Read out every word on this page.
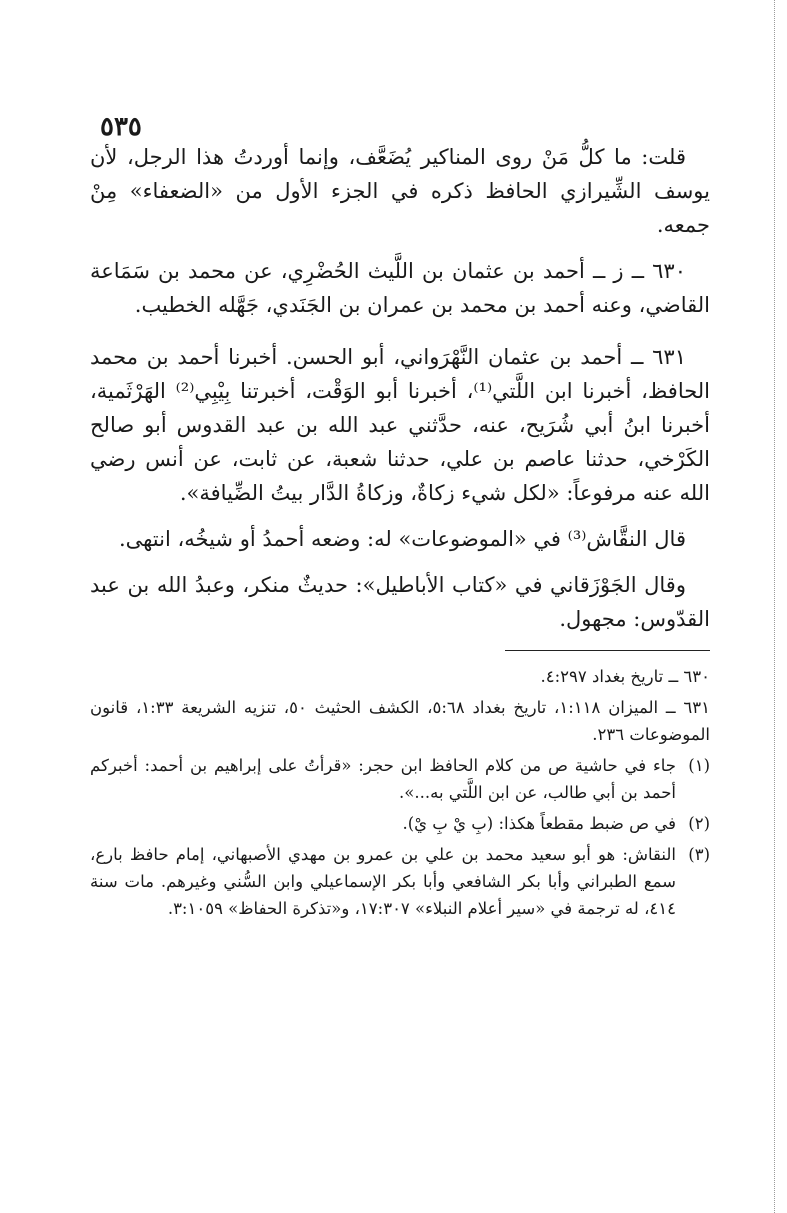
٥٣٥

قلت: ما كلُّ مَنْ روى المناكير يُضَعَّف، وإنما أوردتُ هذا الرجل، لأن يوسف الشِّيرازي الحافظ ذكره في الجزء الأول من «الضعفاء» مِنْ جمعه.

٦٣٠ ــ ز ــ أحمد بن عثمان بن اللَّيث الحُضْرِي، عن محمد بن سَمَاعة القاضي، وعنه أحمد بن محمد بن عمران بن الجَنَدي، جَهَّله الخطيب.

٦٣١ ــ أحمد بن عثمان النَّهْرَواني، أبو الحسن. أخبرنا أحمد بن محمد الحافظ، أخبرنا ابن اللَّتي⁽¹⁾، أخبرنا أبو الوَقْت، أخبرتنا بِيْبِي⁽²⁾ الهَرْثَمية، أخبرنا ابنُ أبي شُرَيح، عنه، حدَّثني عبد الله بن عبد القدوس أبو صالح الكَرْخي، حدثنا عاصم بن علي، حدثنا شعبة، عن ثابت، عن أنس رضي الله عنه مرفوعاً: «لكل شيء زكاةٌ، وزكاةُ الدَّار بيتُ الضِّيافة».

قال النقَّاش⁽³⁾ في «الموضوعات» له: وضعه أحمدُ أو شيخُه، انتهى.

وقال الجَوْزَقاني في «كتاب الأباطيل»: حديثٌ منكر، وعبدُ الله بن عبد القدّوس: مجهول.

٦٣٠ ــ تاريخ بغداد ٤:٢٩٧.

٦٣١ ــ الميزان ١:١١٨، تاريخ بغداد ٥:٦٨، الكشف الحثيث ٥٠، تنزيه الشريعة ١:٣٣، قانون الموضوعات ٢٣٦.

(١)
جاء في حاشية ص من كلام الحافظ ابن حجر: «قرأتُ على إبراهيم بن أحمد: أخبركم أحمد بن أبي طالب، عن ابن اللَّتي به...».
(٢)
في ص ضبط مقطعاً هكذا: (بِ يْ بِ يْ).
(٣)
النقاش: هو أبو سعيد محمد بن علي بن عمرو بن مهدي الأصبهاني، إمام حافظ بارع، سمع الطبراني وأبا بكر الشافعي وأبا بكر الإسماعيلي وابن السُّني وغيرهم. مات سنة ٤١٤، له ترجمة في «سير أعلام النبلاء» ١٧:٣٠٧، و«تذكرة الحفاظ» ٣:١٠٥٩.
